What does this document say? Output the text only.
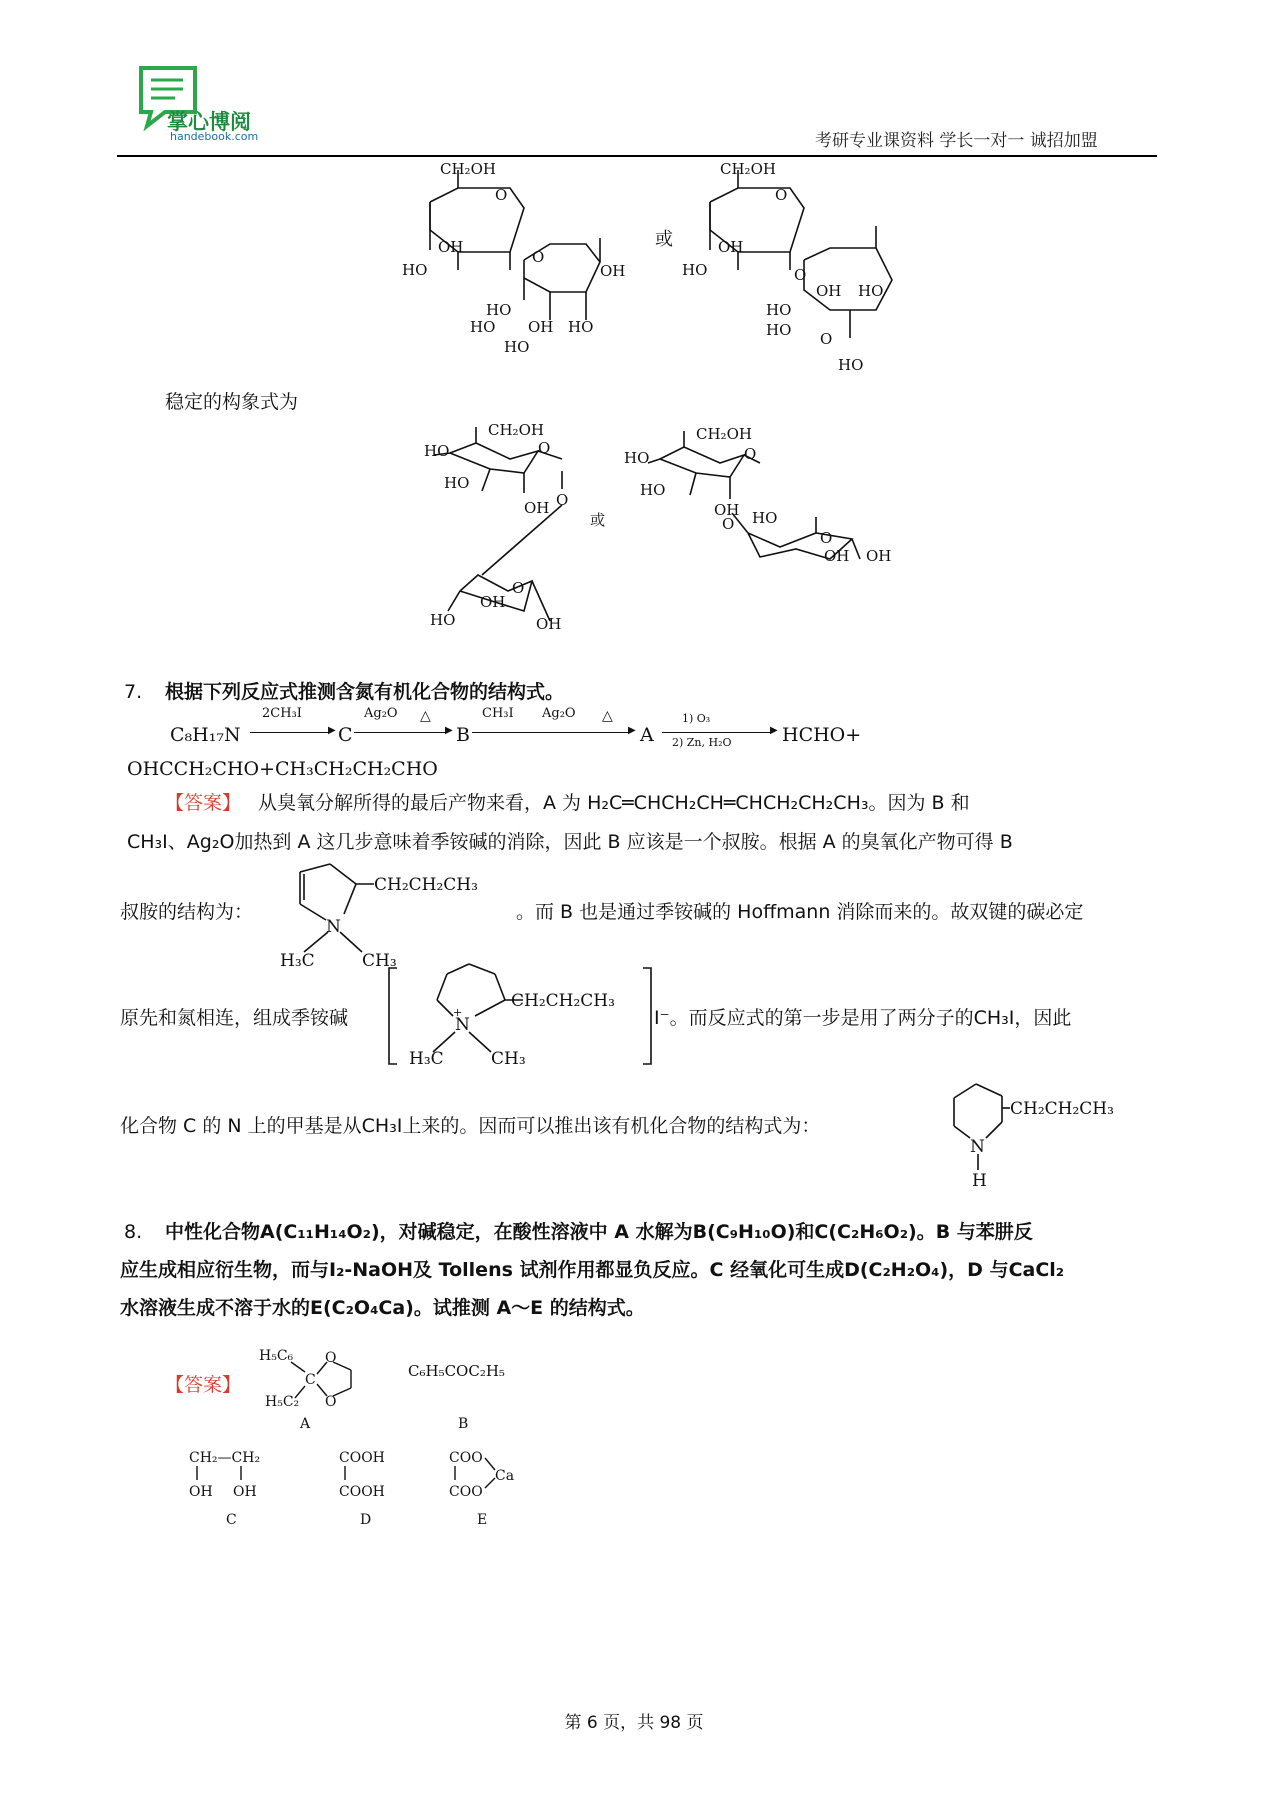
掌心博阅
handebook.com	考研专业课资料 学长一对一 诚招加盟
CH₂OH
O
OH
HO
HO
O
OH
HO OH HO
HO
或
CH₂OH
O
OH
HO
HO
O
OH HO
HO O
HO
稳定的构象式为
CH₂OH
HO
HO
O
OH O
O
OH
HO	OH
或
CH₂OH
HO
HO
O
OH
O HO
O
OH OH
7. 根据下列反应式推测含氮有机化合物的结构式。
C₈H₁₇N
2CH₃I
▶ C
Ag₂O △
▶ B
CH₃I Ag₂O △
▶ A
1) O₃
▶
2) Zn, H₂O	HCHO+
OHCCH₂CHO+CH₃CH₂CH₂CHO
【答案】 从臭氧分解所得的最后产物来看，A 为 H₂C═CHCH₂CH═CHCH₂CH₂CH₃。因为 B 和
CH₃I、Ag₂O加热到 A 这几步意味着季铵碱的消除，因此 B 应该是一个叔胺。根据 A 的臭氧化产物可得 B
叔胺的结构为：
CH₂CH₂CH₃
N
H₃C	CH₃
。而 B 也是通过季铵碱的 Hoffmann 消除而来的。故双键的碳必定
原先和氮相连，组成季铵碱
CH₂CH₂CH₃
N
+
H₃C	CH₃
I⁻。而反应式的第一步是用了两分子的CH₃I，因此
化合物 C 的 N 上的甲基是从CH₃I上来的。因而可以推出该有机化合物的结构式为：
CH₂CH₂CH₃
N
H
8. 中性化合物A(C₁₁H₁₄O₂)，对碱稳定，在酸性溶液中 A 水解为B(C₉H₁₀O)和C(C₂H₆O₂)。B 与苯肼反
应生成相应衍生物，而与I₂-NaOH及 Tollens 试剂作用都显负反应。C 经氧化可生成D(C₂H₂O₄)，D 与CaCl₂
水溶液生成不溶于水的E(C₂O₄Ca)。试推测 A～E 的结构式。
【答案】
H₅C₆
C
O
O
H₅C₂
A
C₆H₅COC₂H₅
B
CH₂—CH₂
OH OH
C
COOH
COOH
D
COO
COO
Ca
E
第 6 页，共 98 页
